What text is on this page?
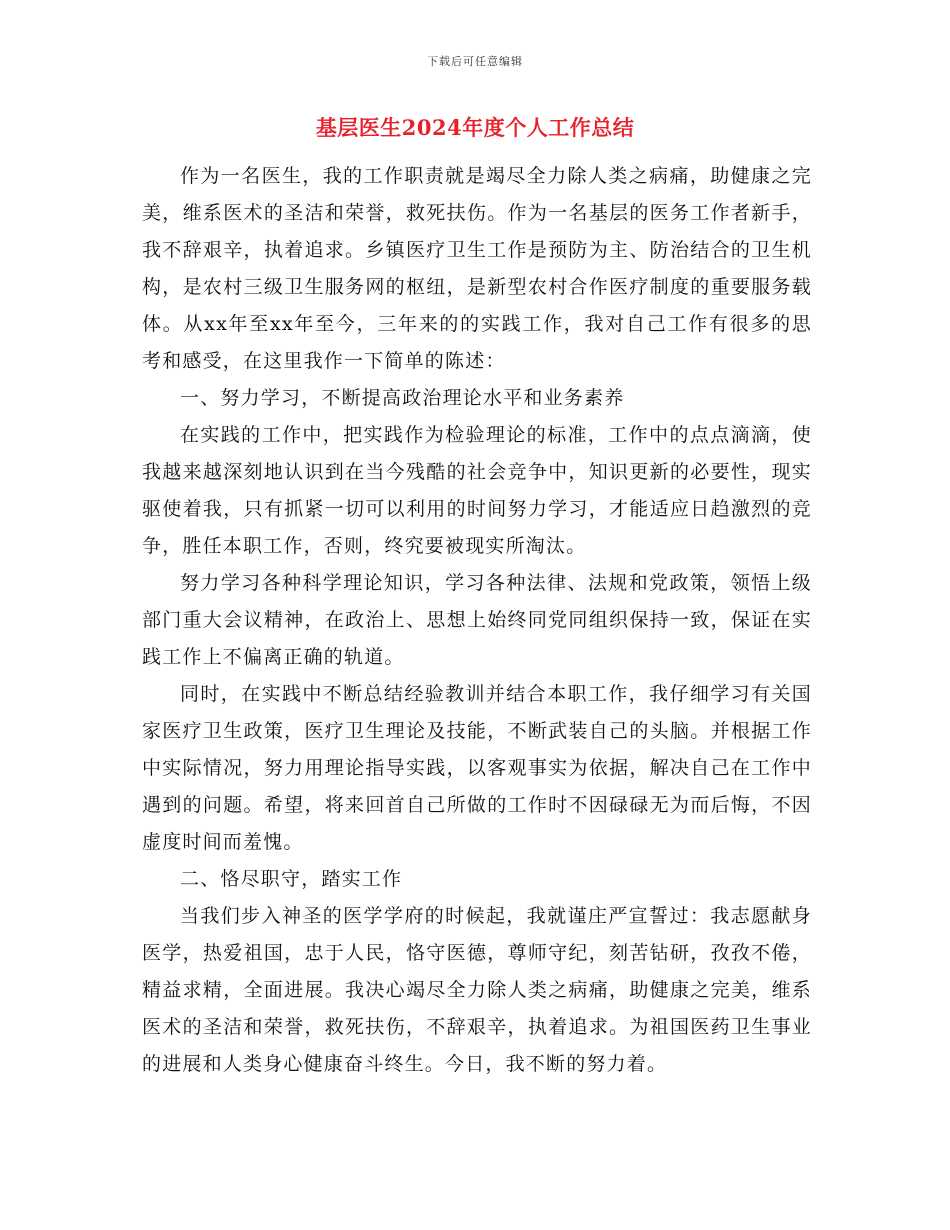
下载后可任意编辑
基层医生2024年度个人工作总结

作为一名医生，我的工作职责就是竭尽全力除人类之病痛，助健康之完美，维系医术的圣洁和荣誉，救死扶伤。作为一名基层的医务工作者新手，我不辞艰辛，执着追求。乡镇医疗卫生工作是预防为主、防治结合的卫生机构，是农村三级卫生服务网的枢纽，是新型农村合作医疗制度的重要服务载体。从xx年至xx年至今，三年来的的实践工作，我对自己工作有很多的思考和感受，在这里我作一下简单的陈述：

一、努力学习，不断提高政治理论水平和业务素养

在实践的工作中，把实践作为检验理论的标准，工作中的点点滴滴，使我越来越深刻地认识到在当今残酷的社会竞争中，知识更新的必要性，现实驱使着我，只有抓紧一切可以利用的时间努力学习，才能适应日趋激烈的竞争，胜任本职工作，否则，终究要被现实所淘汰。

努力学习各种科学理论知识，学习各种法律、法规和党政策，领悟上级部门重大会议精神，在政治上、思想上始终同党同组织保持一致，保证在实践工作上不偏离正确的轨道。

同时，在实践中不断总结经验教训并结合本职工作，我仔细学习有关国家医疗卫生政策，医疗卫生理论及技能，不断武装自己的头脑。并根据工作中实际情况，努力用理论指导实践，以客观事实为依据，解决自己在工作中遇到的问题。希望，将来回首自己所做的工作时不因碌碌无为而后悔，不因虚度时间而羞愧。

二、恪尽职守，踏实工作

当我们步入神圣的医学学府的时候起，我就谨庄严宣誓过：我志愿献身医学，热爱祖国，忠于人民，恪守医德，尊师守纪，刻苦钻研，孜孜不倦，精益求精，全面进展。我决心竭尽全力除人类之病痛，助健康之完美，维系医术的圣洁和荣誉，救死扶伤，不辞艰辛，执着追求。为祖国医药卫生事业的进展和人类身心健康奋斗终生。今日，我不断的努力着。
